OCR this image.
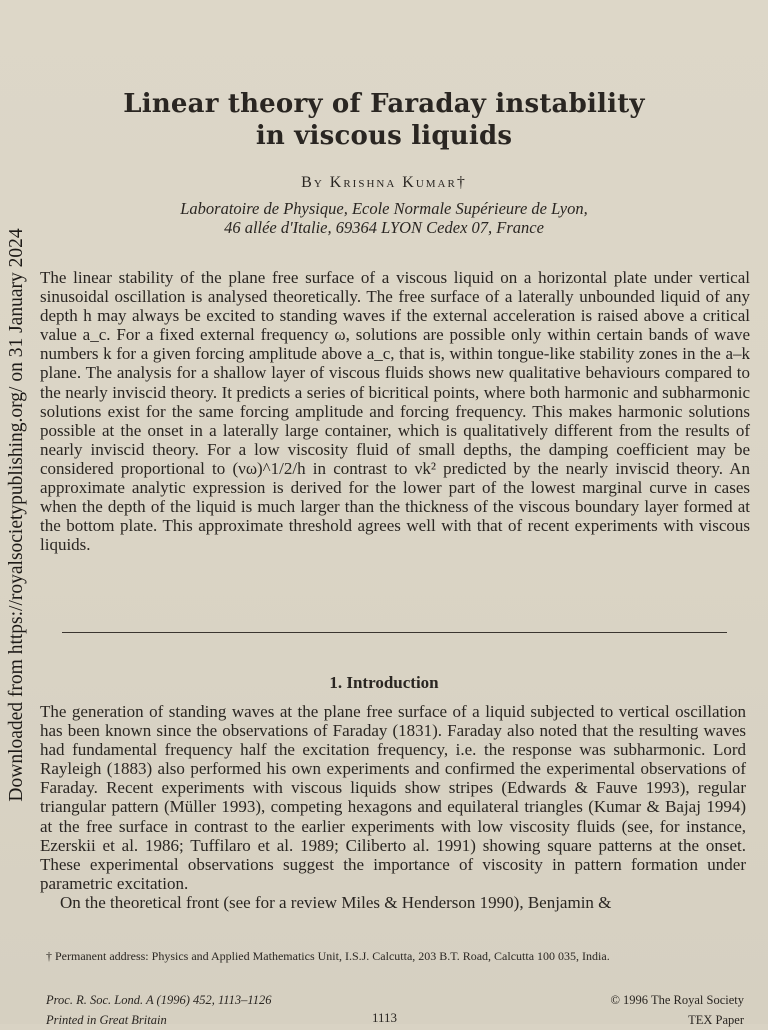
Downloaded from https://royalsocietypublishing.org/ on 31 January 2024
Linear theory of Faraday instability
in viscous liquids
By Krishna Kumar†
Laboratoire de Physique, Ecole Normale Supérieure de Lyon,
46 allée d'Italie, 69364 LYON Cedex 07, France

The linear stability of the plane free surface of a viscous liquid on a horizontal plate under vertical sinusoidal oscillation is analysed theoretically. The free surface of a laterally unbounded liquid of any depth h may always be excited to standing waves if the external acceleration is raised above a critical value a_c. For a fixed external frequency ω, solutions are possible only within certain bands of wave numbers k for a given forcing amplitude above a_c, that is, within tongue-like stability zones in the a–k plane. The analysis for a shallow layer of viscous fluids shows new qualitative behaviours compared to the nearly inviscid theory. It predicts a series of bicritical points, where both harmonic and subharmonic solutions exist for the same forcing amplitude and forcing frequency. This makes harmonic solutions possible at the onset in a laterally large container, which is qualitatively different from the results of nearly inviscid theory. For a low viscosity fluid of small depths, the damping coefficient may be considered proportional to (νω)^1/2/h in contrast to νk² predicted by the nearly inviscid theory. An approximate analytic expression is derived for the lower part of the lowest marginal curve in cases when the depth of the liquid is much larger than the thickness of the viscous boundary layer formed at the bottom plate. This approximate threshold agrees well with that of recent experiments with viscous liquids.

1. Introduction

The generation of standing waves at the plane free surface of a liquid subjected to vertical oscillation has been known since the observations of Faraday (1831). Faraday also noted that the resulting waves had fundamental frequency half the excitation frequency, i.e. the response was subharmonic. Lord Rayleigh (1883) also performed his own experiments and confirmed the experimental observations of Faraday. Recent experiments with viscous liquids show stripes (Edwards & Fauve 1993), regular triangular pattern (Müller 1993), competing hexagons and equilateral triangles (Kumar & Bajaj 1994) at the free surface in contrast to the earlier experiments with low viscosity fluids (see, for instance, Ezerskii et al. 1986; Tuffilaro et al. 1989; Ciliberto al. 1991) showing square patterns at the onset. These experimental observations suggest the importance of viscosity in pattern formation under parametric excitation.

On the theoretical front (see for a review Miles & Henderson 1990), Benjamin &

† Permanent address: Physics and Applied Mathematics Unit, I.S.J. Calcutta, 203 B.T. Road, Calcutta 100 035, India.

Proc. R. Soc. Lond. A (1996) 452, 1113–1126
Printed in Great Britain	1113
© 1996 The Royal Society
TEX Paper
